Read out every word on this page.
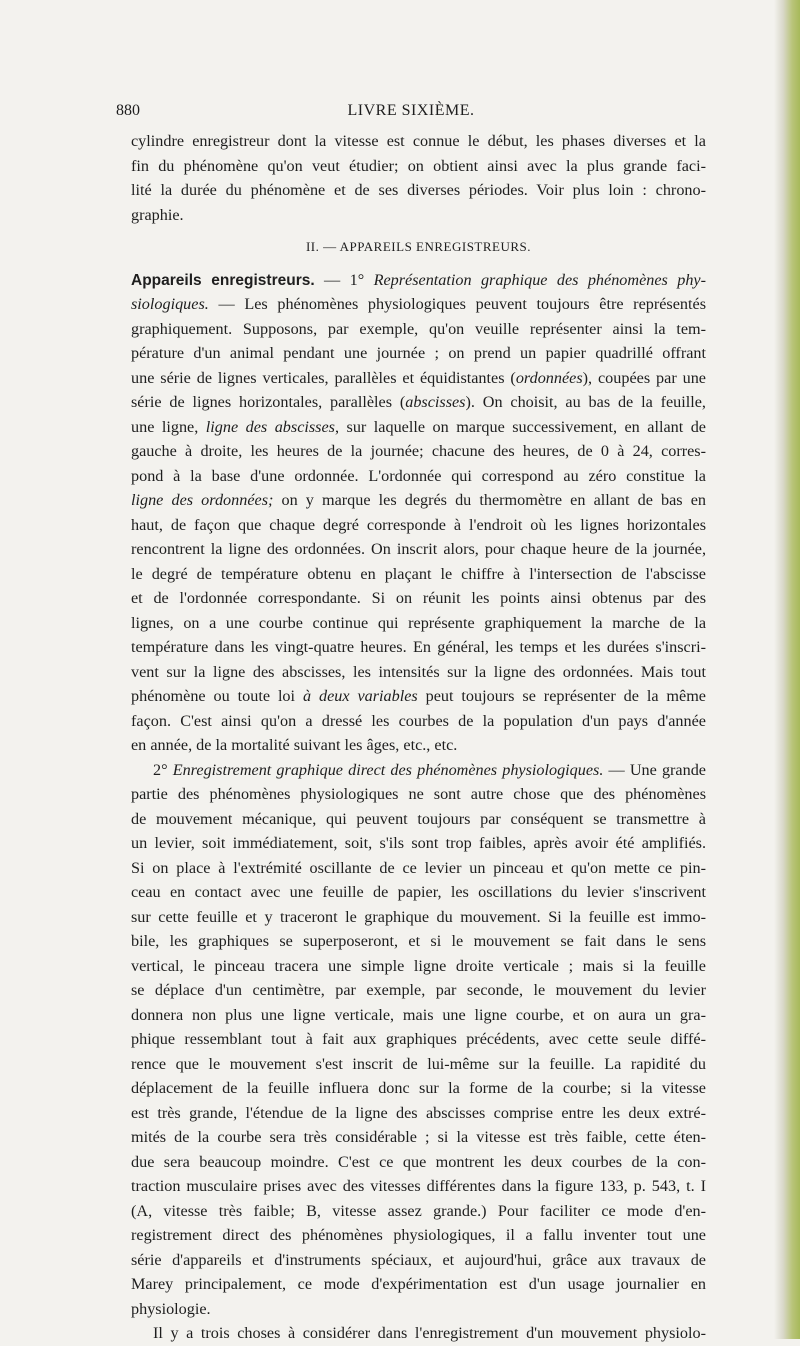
880	LIVRE SIXIÈME.
cylindre enregistreur dont la vitesse est connue le début, les phases diverses et la
fin du phénomène qu'on veut étudier; on obtient ainsi avec la plus grande faci-
lité la durée du phénomène et de ses diverses périodes. Voir plus loin : chrono-
graphie.
II. — APPAREILS ENREGISTREURS.
Appareils enregistreurs. — 1° Représentation graphique des phénomènes phy-
siologiques. — Les phénomènes physiologiques peuvent toujours être représentés
graphiquement. Supposons, par exemple, qu'on veuille représenter ainsi la tem-
pérature d'un animal pendant une journée ; on prend un papier quadrillé offrant
une série de lignes verticales, parallèles et équidistantes (ordonnées), coupées par une
série de lignes horizontales, parallèles (abscisses). On choisit, au bas de la feuille,
une ligne, ligne des abscisses, sur laquelle on marque successivement, en allant de
gauche à droite, les heures de la journée; chacune des heures, de 0 à 24, corres-
pond à la base d'une ordonnée. L'ordonnée qui correspond au zéro constitue la
ligne des ordonnées; on y marque les degrés du thermomètre en allant de bas en
haut, de façon que chaque degré corresponde à l'endroit où les lignes horizontales
rencontrent la ligne des ordonnées. On inscrit alors, pour chaque heure de la journée,
le degré de température obtenu en plaçant le chiffre à l'intersection de l'abscisse
et de l'ordonnée correspondante. Si on réunit les points ainsi obtenus par des
lignes, on a une courbe continue qui représente graphiquement la marche de la
température dans les vingt-quatre heures. En général, les temps et les durées s'inscri-
vent sur la ligne des abscisses, les intensités sur la ligne des ordonnées. Mais tout
phénomène ou toute loi à deux variables peut toujours se représenter de la même
façon. C'est ainsi qu'on a dressé les courbes de la population d'un pays d'année
en année, de la mortalité suivant les âges, etc., etc.
2° Enregistrement graphique direct des phénomènes physiologiques. — Une grande
partie des phénomènes physiologiques ne sont autre chose que des phénomènes
de mouvement mécanique, qui peuvent toujours par conséquent se transmettre à
un levier, soit immédiatement, soit, s'ils sont trop faibles, après avoir été amplifiés.
Si on place à l'extrémité oscillante de ce levier un pinceau et qu'on mette ce pin-
ceau en contact avec une feuille de papier, les oscillations du levier s'inscrivent
sur cette feuille et y traceront le graphique du mouvement. Si la feuille est immo-
bile, les graphiques se superposeront, et si le mouvement se fait dans le sens
vertical, le pinceau tracera une simple ligne droite verticale ; mais si la feuille
se déplace d'un centimètre, par exemple, par seconde, le mouvement du levier
donnera non plus une ligne verticale, mais une ligne courbe, et on aura un gra-
phique ressemblant tout à fait aux graphiques précédents, avec cette seule diffé-
rence que le mouvement s'est inscrit de lui-même sur la feuille. La rapidité du
déplacement de la feuille influera donc sur la forme de la courbe; si la vitesse
est très grande, l'étendue de la ligne des abscisses comprise entre les deux extré-
mités de la courbe sera très considérable ; si la vitesse est très faible, cette éten-
due sera beaucoup moindre. C'est ce que montrent les deux courbes de la con-
traction musculaire prises avec des vitesses différentes dans la figure 133, p. 543, t. I
(A, vitesse très faible; B, vitesse assez grande.) Pour faciliter ce mode d'en-
registrement direct des phénomènes physiologiques, il a fallu inventer tout une
série d'appareils et d'instruments spéciaux, et aujourd'hui, grâce aux travaux de
Marey principalement, ce mode d'expérimentation est d'un usage journalier en
physiologie.
Il y a trois choses à considérer dans l'enregistrement d'un mouvement physiolo-
